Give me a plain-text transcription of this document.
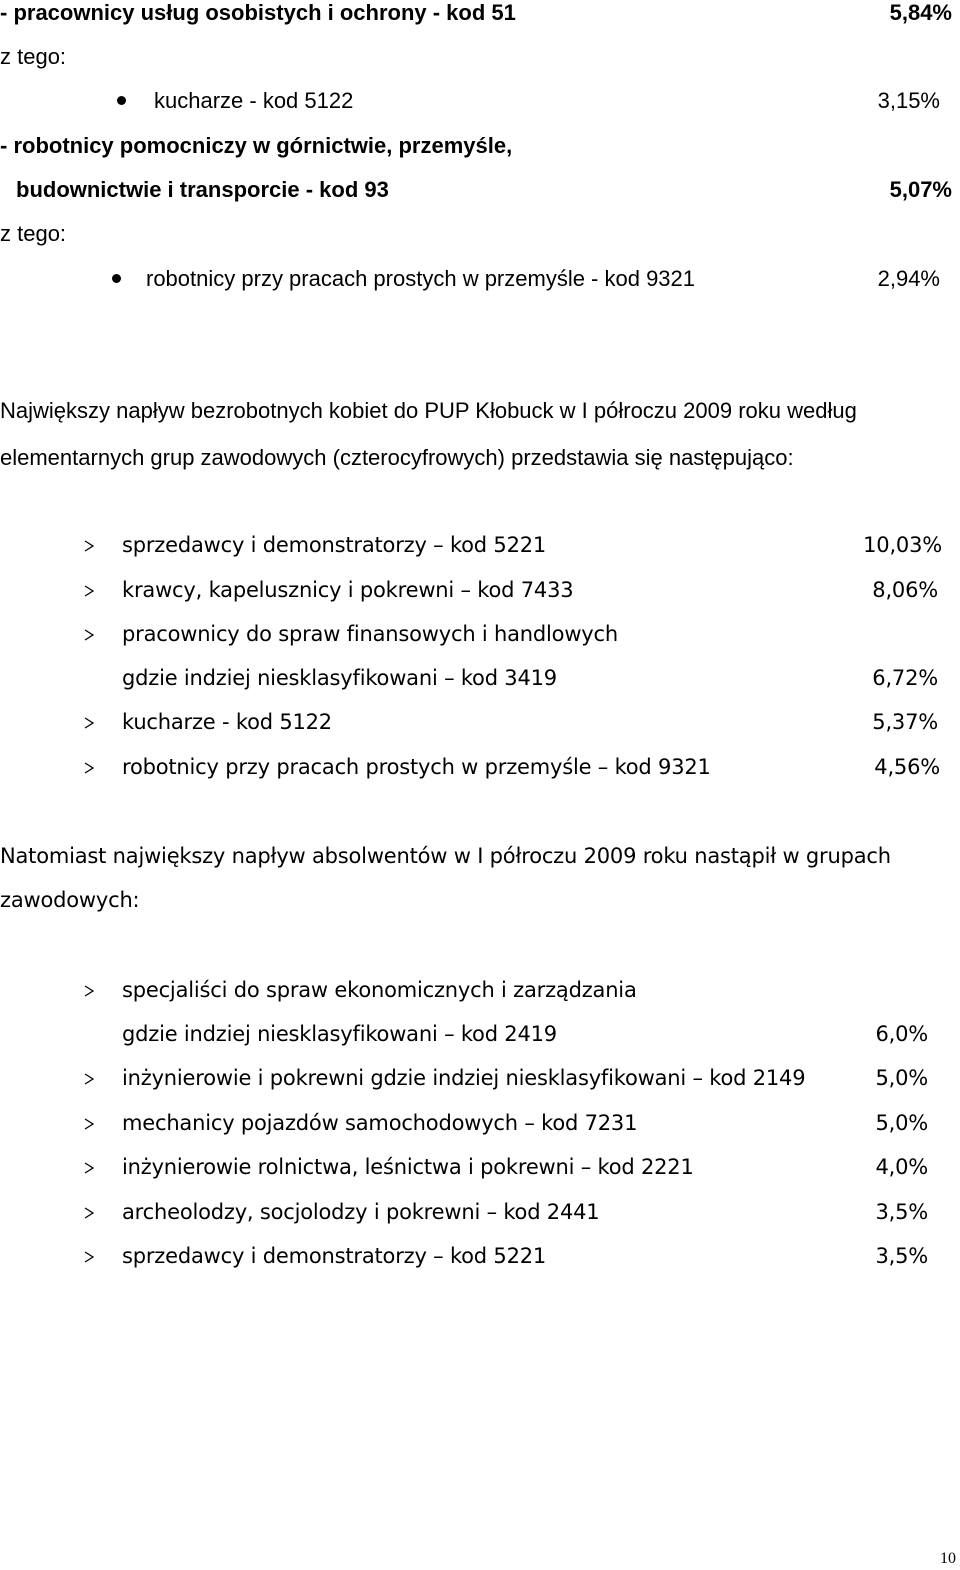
- pracownicy usług osobistych i ochrony - kod 51	5,84%
z tego:
kucharze - kod 5122	3,15%
- robotnicy pomocniczy w górnictwie, przemyśle,
budownictwie i transporcie - kod 93	5,07%
z tego:
robotnicy przy pracach prostych w przemyśle - kod 9321	2,94%
Największy napływ bezrobotnych kobiet do PUP Kłobuck w I półroczu 2009 roku według
elementarnych grup zawodowych (czterocyfrowych) przedstawia się następująco:
sprzedawcy i demonstratorzy – kod 5221	10,03%
krawcy, kapelusznicy i pokrewni – kod 7433	8,06%
pracownicy do spraw finansowych i handlowych
gdzie indziej niesklasyfikowani – kod 3419	6,72%
kucharze - kod 5122	5,37%
robotnicy przy pracach prostych w przemyśle – kod 9321	4,56%
Natomiast największy napływ absolwentów w I półroczu 2009 roku nastąpił w grupach
zawodowych:
specjaliści do spraw ekonomicznych i zarządzania
gdzie indziej niesklasyfikowani – kod 2419	6,0%
inżynierowie i pokrewni gdzie indziej niesklasyfikowani – kod 2149	5,0%
mechanicy pojazdów samochodowych – kod 7231	5,0%
inżynierowie rolnictwa, leśnictwa i pokrewni – kod 2221	4,0%
archeolodzy, socjolodzy i pokrewni – kod 2441	3,5%
sprzedawcy i demonstratorzy – kod 5221	3,5%
10
